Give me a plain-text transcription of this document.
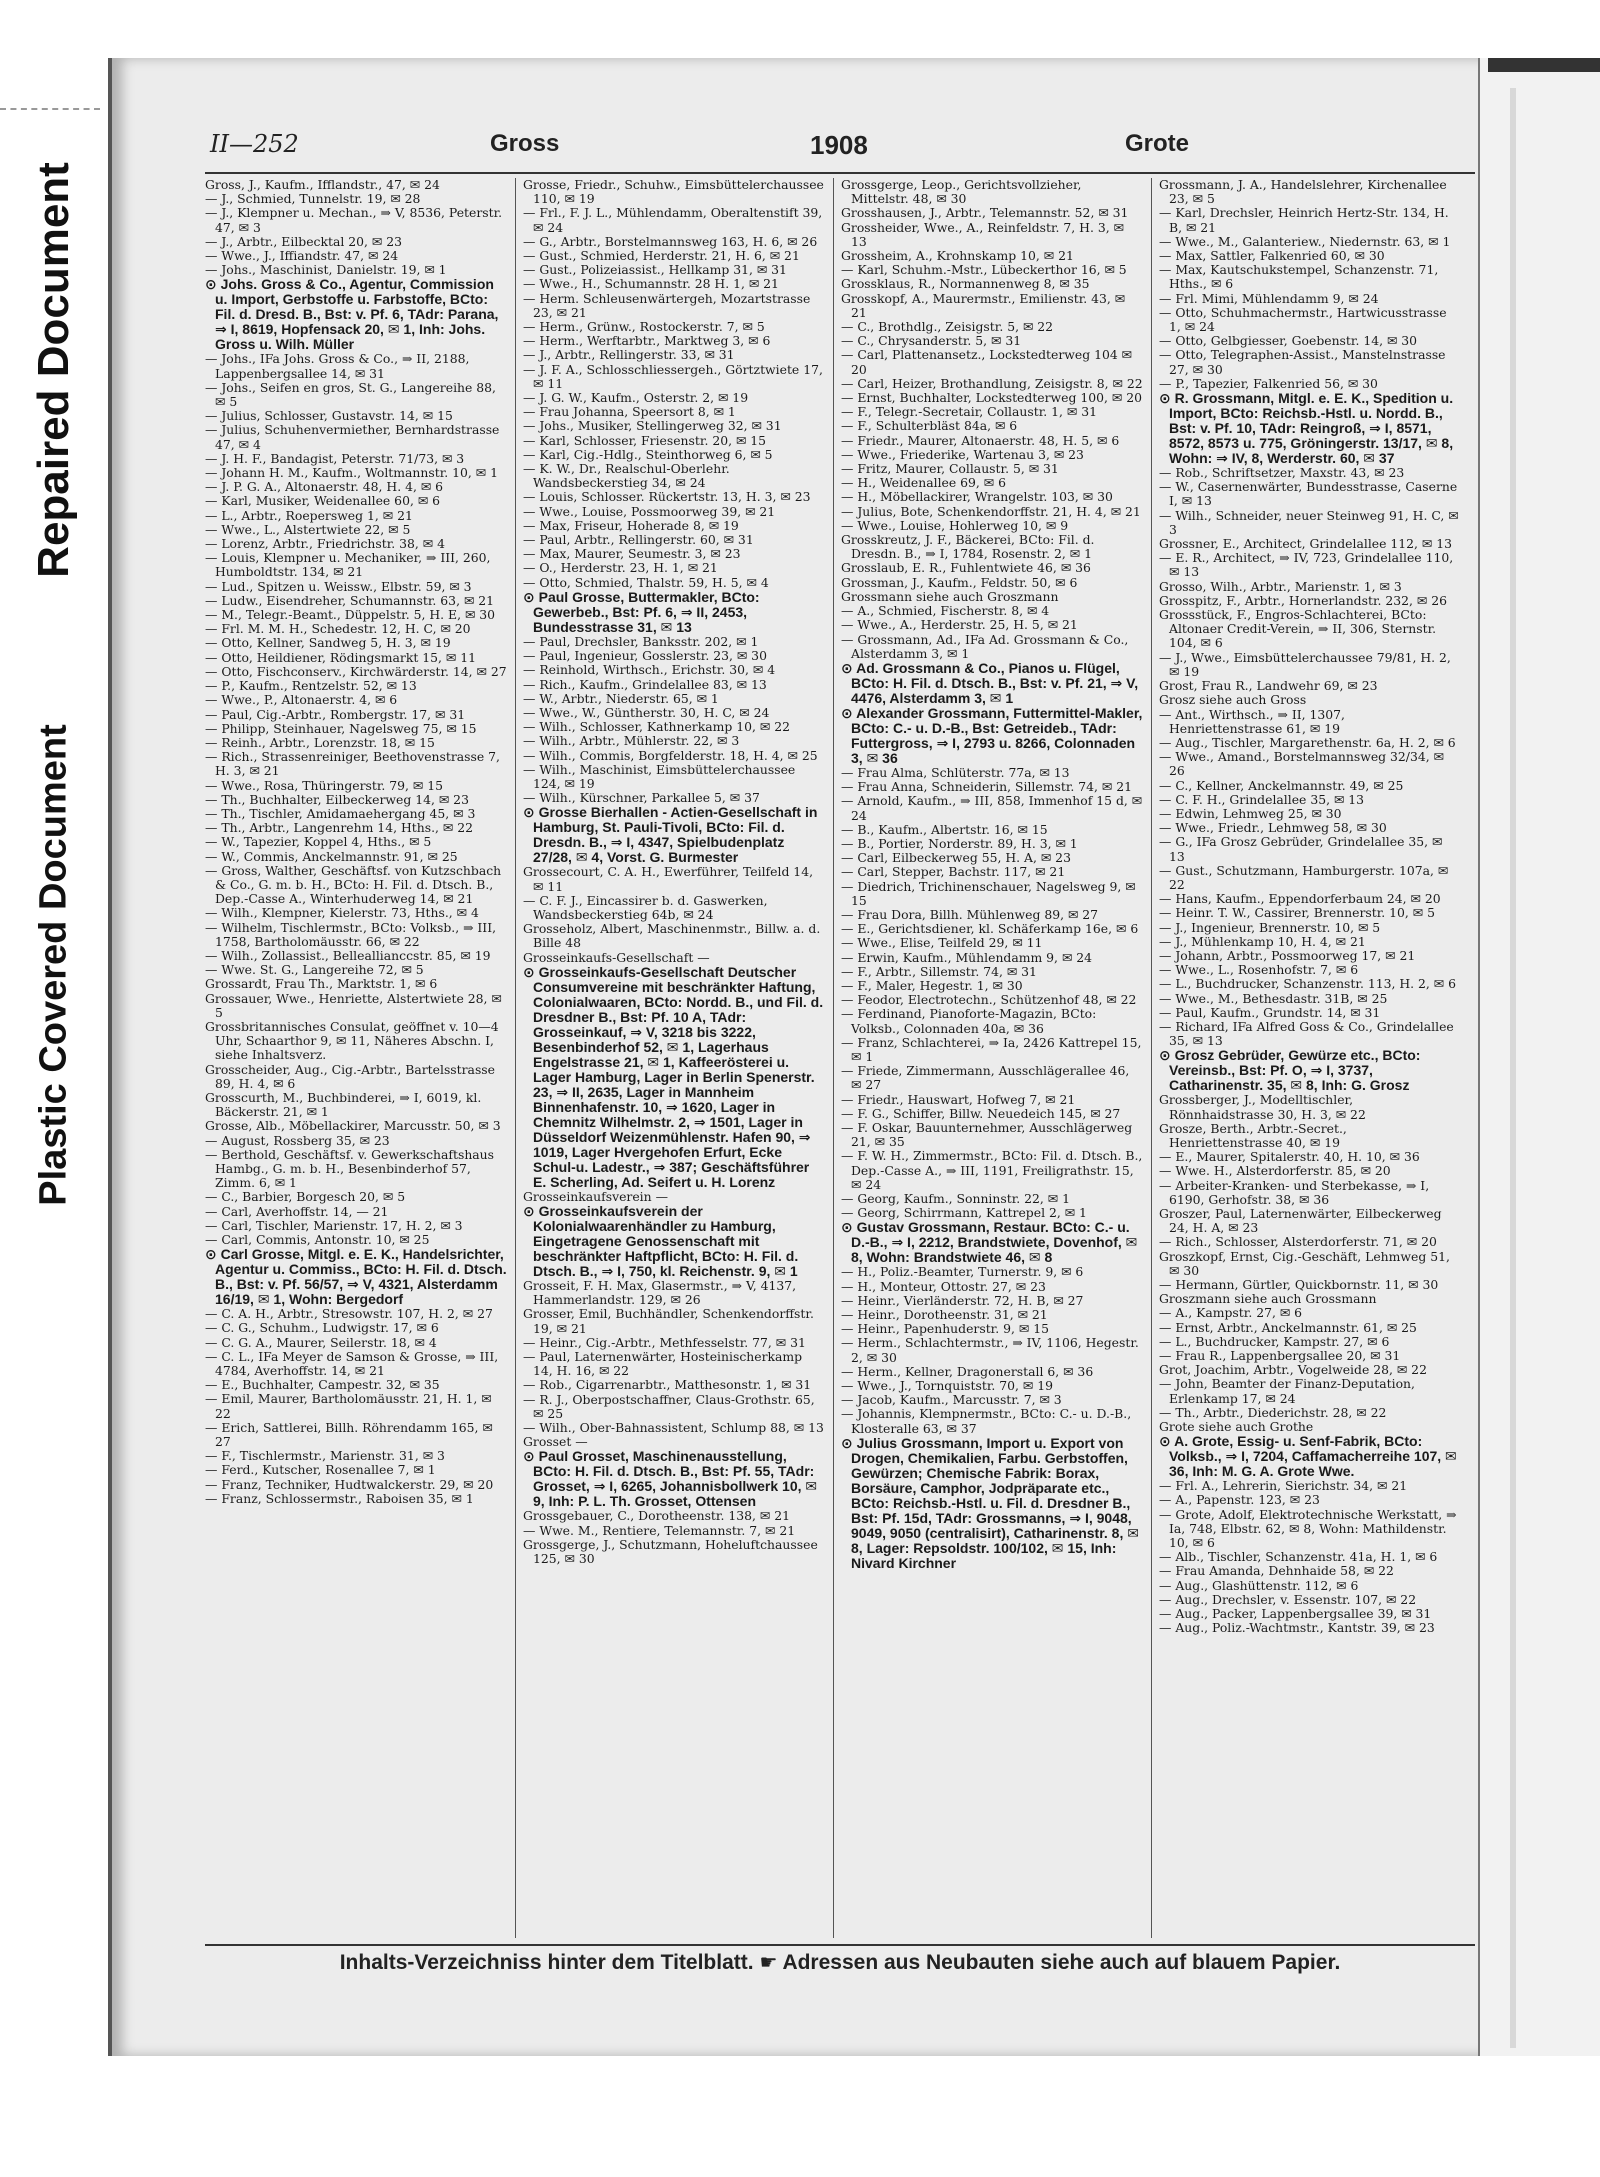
Repaired Document
Plastic Covered Document
II—252	Gross	1908	Grote

Gross, J., Kaufm., Ifflandstr., 47, ✉ 24

— J., Schmied, Tunnelstr. 19, ✉ 28

— J., Klempner u. Mechan., ⇒ V, 8536, Peterstr. 47, ✉ 3

— J., Arbtr., Eilbecktal 20, ✉ 23

— Wwe., J., Iffiandstr. 47, ✉ 24

— Johs., Maschinist, Danielstr. 19, ✉ 1

⊙ Johs. Gross & Co., Agentur, Commission u. Import, Gerbstoffe u. Farbstoffe, BCto: Fil. d. Dresd. B., Bst: v. Pf. 6, TAdr: Parana, ⇒ I, 8619, Hopfensack 20, ✉ 1, Inh: Johs. Gross u. Wilh. Müller

— Johs., IFa Johs. Gross & Co., ⇒ II, 2188, Lappenbergsallee 14, ✉ 31

— Johs., Seifen en gros, St. G., Langereihe 88, ✉ 5

— Julius, Schlosser, Gustavstr. 14, ✉ 15

— Julius, Schuhenvermiether, Bernhardstrasse 47, ✉ 4

— J. H. F., Bandagist, Peterstr. 71/73, ✉ 3

— Johann H. M., Kaufm., Woltmannstr. 10, ✉ 1

— J. P. G. A., Altonaerstr. 48, H. 4, ✉ 6

— Karl, Musiker, Weidenallee 60, ✉ 6

— L., Arbtr., Roepersweg 1, ✉ 21

— Wwe., L., Alstertwiete 22, ✉ 5

— Lorenz, Arbtr., Friedrichstr. 38, ✉ 4

— Louis, Klempner u. Mechaniker, ⇒ III, 260, Humboldtstr. 134, ✉ 21

— Lud., Spitzen u. Weissw., Elbstr. 59, ✉ 3

— Ludw., Eisendreher, Schumannstr. 63, ✉ 21

— M., Telegr.-Beamt., Düppelstr. 5, H. E, ✉ 30

— Frl. M. M. H., Schedestr. 12, H. C, ✉ 20

— Otto, Kellner, Sandweg 5, H. 3, ✉ 19

— Otto, Heildiener, Rödingsmarkt 15, ✉ 11

— Otto, Fischconserv., Kirchwärderstr. 14, ✉ 27

— P., Kaufm., Rentzelstr. 52, ✉ 13

— Wwe., P., Altonaerstr. 4, ✉ 6

— Paul, Cig.-Arbtr., Rombergstr. 17, ✉ 31

— Philipp, Steinhauer, Nagelsweg 75, ✉ 15

— Reinh., Arbtr., Lorenzstr. 18, ✉ 15

— Rich., Strassenreiniger, Beethovenstrasse 7, H. 3, ✉ 21

— Wwe., Rosa, Thüringerstr. 79, ✉ 15

— Th., Buchhalter, Eilbeckerweg 14, ✉ 23

— Th., Tischler, Amidamaehergang 45, ✉ 3

— Th., Arbtr., Langenrehm 14, Hths., ✉ 22

— W., Tapezier, Koppel 4, Hths., ✉ 5

— W., Commis, Anckelmannstr. 91, ✉ 25

— Gross, Walther, Geschäftsf. von Kutzschbach & Co., G. m. b. H., BCto: H. Fil. d. Dtsch. B., Dep.-Casse A., Winterhuderweg 14, ✉ 21

— Wilh., Klempner, Kielerstr. 73, Hths., ✉ 4

— Wilhelm, Tischlermstr., BCto: Volksb., ⇒ III, 1758, Bartholomäusstr. 66, ✉ 22

— Wilh., Zollassist., Belleallianccstr. 85, ✉ 19

— Wwe. St. G., Langereihe 72, ✉ 5

Grossardt, Frau Th., Marktstr. 1, ✉ 6

Grossauer, Wwe., Henriette, Alstertwiete 28, ✉ 5

Grossbritannisches Consulat, geöffnet v. 10—4 Uhr, Schaarthor 9, ✉ 11, Näheres Abschn. I, siehe Inhaltsverz.

Grosscheider, Aug., Cig.-Arbtr., Bartelsstrasse 89, H. 4, ✉ 6

Grosscurth, M., Buchbinderei, ⇒ I, 6019, kl. Bäckerstr. 21, ✉ 1

Grosse, Alb., Möbellackirer, Marcusstr. 50, ✉ 3

— August, Rossberg 35, ✉ 23

— Berthold, Geschäftsf. v. Gewerkschaftshaus Hambg., G. m. b. H., Besenbinderhof 57, Zimm. 6, ✉ 1

— C., Barbier, Borgesch 20, ✉ 5

— Carl, Averhoffstr. 14, — 21

— Carl, Tischler, Marienstr. 17, H. 2, ✉ 3

— Carl, Commis, Antonstr. 10, ✉ 25

⊙ Carl Grosse, Mitgl. e. E. K., Handelsrichter, Agentur u. Commiss., BCto: H. Fil. d. Dtsch. B., Bst: v. Pf. 56/57, ⇒ V, 4321, Alsterdamm 16/19, ✉ 1, Wohn: Bergedorf

— C. A. H., Arbtr., Stresowstr. 107, H. 2, ✉ 27

— C. G., Schuhm., Ludwigstr. 17, ✉ 6

— C. G. A., Maurer, Seilerstr. 18, ✉ 4

— C. L., IFa Meyer de Samson & Grosse, ⇒ III, 4784, Averhoffstr. 14, ✉ 21

— E., Buchhalter, Campestr. 32, ✉ 35

— Emil, Maurer, Bartholomäusstr. 21, H. 1, ✉ 22

— Erich, Sattlerei, Billh. Röhrendamm 165, ✉ 27

— F., Tischlermstr., Marienstr. 31, ✉ 3

— Ferd., Kutscher, Rosenallee 7, ✉ 1

— Franz, Techniker, Hudtwalckerstr. 29, ✉ 20

— Franz, Schlossermstr., Raboisen 35, ✉ 1

Grosse, Friedr., Schuhw., Eimsbüttelerchaussee 110, ✉ 19

— Frl., F. J. L., Mühlendamm, Oberaltenstift 39, ✉ 24

— G., Arbtr., Borstelmannsweg 163, H. 6, ✉ 26

— Gust., Schmied, Herderstr. 21, H. 6, ✉ 21

— Gust., Polizeiassist., Hellkamp 31, ✉ 31

— Wwe., H., Schumannstr. 28 H. 1, ✉ 21

— Herm. Schleusenwärtergeh, Mozartstrasse 23, ✉ 21

— Herm., Grünw., Rostockerstr. 7, ✉ 5

— Herm., Werftarbtr., Marktweg 3, ✉ 6

— J., Arbtr., Rellingerstr. 33, ✉ 31

— J. F. A., Schlosschliessergeh., Görtztwiete 17, ✉ 11

— J. G. W., Kaufm., Osterstr. 2, ✉ 19

— Frau Johanna, Speersort 8, ✉ 1

— Johs., Musiker, Stellingerweg 32, ✉ 31

— Karl, Schlosser, Friesenstr. 20, ✉ 15

— Karl, Cig.-Hdlg., Steinthorweg 6, ✉ 5

— K. W., Dr., Realschul-Oberlehr. Wandsbeckerstieg 34, ✉ 24

— Louis, Schlosser. Rückertstr. 13, H. 3, ✉ 23

— Wwe., Louise, Possmoorweg 39, ✉ 21

— Max, Friseur, Hoherade 8, ✉ 19

— Paul, Arbtr., Rellingerstr. 60, ✉ 31

— Max, Maurer, Seumestr. 3, ✉ 23

— O., Herderstr. 23, H. 1, ✉ 21

— Otto, Schmied, Thalstr. 59, H. 5, ✉ 4

⊙ Paul Grosse, Buttermakler, BCto: Gewerbeb., Bst: Pf. 6, ⇒ II, 2453, Bundesstrasse 31, ✉ 13

— Paul, Drechsler, Banksstr. 202, ✉ 1

— Paul, Ingenieur, Gosslerstr. 23, ✉ 30

— Reinhold, Wirthsch., Erichstr. 30, ✉ 4

— Rich., Kaufm., Grindelallee 83, ✉ 13

— W., Arbtr., Niederstr. 65, ✉ 1

— Wwe., W., Güntherstr. 30, H. C, ✉ 24

— Wilh., Schlosser, Kathnerkamp 10, ✉ 22

— Wilh., Arbtr., Mühlerstr. 22, ✉ 3

— Wilh., Commis, Borgfelderstr. 18, H. 4, ✉ 25

— Wilh., Maschinist, Eimsbüttelerchaussee 124, ✉ 19

— Wilh., Kürschner, Parkallee 5, ✉ 37

⊙ Grosse Bierhallen - Actien-Gesellschaft in Hamburg, St. Pauli-Tivoli, BCto: Fil. d. Dresdn. B., ⇒ I, 4347, Spielbudenplatz 27/28, ✉ 4, Vorst. G. Burmester

Grossecourt, C. A. H., Ewerführer, Teilfeld 14, ✉ 11

— C. F. J., Eincassirer b. d. Gaswerken, Wandsbeckerstieg 64b, ✉ 24

Grosseholz, Albert, Maschinenmstr., Billw. a. d. Bille 48

Grosseinkaufs-Gesellschaft —

⊙ Grosseinkaufs-Gesellschaft Deutscher Consumvereine mit beschränkter Haftung, Colonialwaaren, BCto: Nordd. B., und Fil. d. Dresdner B., Bst: Pf. 10 A, TAdr: Grosseinkauf, ⇒ V, 3218 bis 3222, Besenbinderhof 52, ✉ 1, Lagerhaus Engelstrasse 21, ✉ 1, Kaffeerösterei u. Lager Hamburg, Lager in Berlin Spenerstr. 23, ⇒ II, 2635, Lager in Mannheim Binnenhafenstr. 10, ⇒ 1620, Lager in Chemnitz Wilhelmstr. 2, ⇒ 1501, Lager in Düsseldorf Weizenmühlenstr. Hafen 90, ⇒ 1019, Lager Hvergehofen Erfurt, Ecke Schul-u. Ladestr., ⇒ 387; Geschäftsführer E. Scherling, Ad. Seifert u. H. Lorenz

Grosseinkaufsverein —

⊙ Grosseinkaufsverein der Kolonialwaarenhändler zu Hamburg, Eingetragene Genossenschaft mit beschränkter Haftpflicht, BCto: H. Fil. d. Dtsch. B., ⇒ I, 750, kl. Reichenstr. 9, ✉ 1

Grosseit, F. H. Max, Glasermstr., ⇒ V, 4137, Hammerlandstr. 129, ✉ 26

Grosser, Emil, Buchhändler, Schenkendorffstr. 19, ✉ 21

— Heinr., Cig.-Arbtr., Methfesselstr. 77, ✉ 31

— Paul, Laternenwärter, Hosteinischerkamp 14, H. 16, ✉ 22

— Rob., Cigarrenarbtr., Matthesonstr. 1, ✉ 31

— R. J., Oberpostschaffner, Claus-Grothstr. 65, ✉ 25

— Wilh., Ober-Bahnassistent, Schlump 88, ✉ 13

Grosset —

⊙ Paul Grosset, Maschinenausstellung, BCto: H. Fil. d. Dtsch. B., Bst: Pf. 55, TAdr: Grosset, ⇒ I, 6265, Johannisbollwerk 10, ✉ 9, Inh: P. L. Th. Grosset, Ottensen

Grossgebauer, C., Dorotheenstr. 138, ✉ 21

— Wwe. M., Rentiere, Telemannstr. 7, ✉ 21

Grossgerge, J., Schutzmann, Hoheluftchaussee 125, ✉ 30

Grossgerge, Leop., Gerichtsvollzieher, Mittelstr. 48, ✉ 30

Grosshausen, J., Arbtr., Telemannstr. 52, ✉ 31

Grossheider, Wwe., A., Reinfeldstr. 7, H. 3, ✉ 13

Grossheim, A., Krohnskamp 10, ✉ 21

— Karl, Schuhm.-Mstr., Lübeckerthor 16, ✉ 5

Grossklaus, R., Normannenweg 8, ✉ 35

Grosskopf, A., Maurermstr., Emilienstr. 43, ✉ 21

— C., Brothdlg., Zeisigstr. 5, ✉ 22

— C., Chrysanderstr. 5, ✉ 31

— Carl, Plattenansetz., Lockstedterweg 104 ✉ 20

— Carl, Heizer, Brothandlung, Zeisigstr. 8, ✉ 22

— Ernst, Buchhalter, Lockstedterweg 100, ✉ 20

— F., Telegr.-Secretair, Collaustr. 1, ✉ 31

— F., Schulterbläst 84a, ✉ 6

— Friedr., Maurer, Altonaerstr. 48, H. 5, ✉ 6

— Wwe., Friederike, Wartenau 3, ✉ 23

— Fritz, Maurer, Collaustr. 5, ✉ 31

— H., Weidenallee 69, ✉ 6

— H., Möbellackirer, Wrangelstr. 103, ✉ 30

— Julius, Bote, Schenkendorffstr. 21, H. 4, ✉ 21

— Wwe., Louise, Hohlerweg 10, ✉ 9

Grosskreutz, J. F., Bäckerei, BCto: Fil. d. Dresdn. B., ⇒ I, 1784, Rosenstr. 2, ✉ 1

Grosslaub, E. R., Fuhlentwiete 46, ✉ 36

Grossman, J., Kaufm., Feldstr. 50, ✉ 6

Grossmann siehe auch Groszmann

— A., Schmied, Fischerstr. 8, ✉ 4

— Wwe., A., Herderstr. 25, H. 5, ✉ 21

— Grossmann, Ad., IFa Ad. Grossmann & Co., Alsterdamm 3, ✉ 1

⊙ Ad. Grossmann & Co., Pianos u. Flügel, BCto: H. Fil. d. Dtsch. B., Bst: v. Pf. 21, ⇒ V, 4476, Alsterdamm 3, ✉ 1

⊙ Alexander Grossmann, Futtermittel-Makler, BCto: C.- u. D.-B., Bst: Getreideb., TAdr: Futtergross, ⇒ I, 2793 u. 8266, Colonnaden 3, ✉ 36

— Frau Alma, Schlüterstr. 77a, ✉ 13

— Frau Anna, Schneiderin, Sillemstr. 74, ✉ 21

— Arnold, Kaufm., ⇒ III, 858, Immenhof 15 d, ✉ 24

— B., Kaufm., Albertstr. 16, ✉ 15

— B., Portier, Norderstr. 89, H. 3, ✉ 1

— Carl, Eilbeckerweg 55, H. A, ✉ 23

— Carl, Stepper, Bachstr. 117, ✉ 21

— Diedrich, Trichinenschauer, Nagelsweg 9, ✉ 15

— Frau Dora, Billh. Mühlenweg 89, ✉ 27

— E., Gerichtsdiener, kl. Schäferkamp 16e, ✉ 6

— Wwe., Elise, Teilfeld 29, ✉ 11

— Erwin, Kaufm., Mühlendamm 9, ✉ 24

— F., Arbtr., Sillemstr. 74, ✉ 31

— F., Maler, Hegestr. 1, ✉ 30

— Feodor, Electrotechn., Schützenhof 48, ✉ 22

— Ferdinand, Pianoforte-Magazin, BCto: Volksb., Colonnaden 40a, ✉ 36

— Franz, Schlachterei, ⇒ Ia, 2426 Kattrepel 15, ✉ 1

— Friede, Zimmermann, Ausschlägerallee 46, ✉ 27

— Friedr., Hauswart, Hofweg 7, ✉ 21

— F. G., Schiffer, Billw. Neuedeich 145, ✉ 27

— F. Oskar, Bauunternehmer, Ausschlägerweg 21, ✉ 35

— F. W. H., Zimmermstr., BCto: Fil. d. Dtsch. B., Dep.-Casse A., ⇒ III, 1191, Freiligrathstr. 15, ✉ 24

— Georg, Kaufm., Sonninstr. 22, ✉ 1

— Georg, Schirrmann, Kattrepel 2, ✉ 1

⊙ Gustav Grossmann, Restaur. BCto: C.- u. D.-B., ⇒ I, 2212, Brandstwiete, Dovenhof, ✉ 8, Wohn: Brandstwiete 46, ✉ 8

— H., Poliz.-Beamter, Turnerstr. 9, ✉ 6

— H., Monteur, Ottostr. 27, ✉ 23

— Heinr., Vierländerstr. 72, H. B, ✉ 27

— Heinr., Dorotheenstr. 31, ✉ 21

— Heinr., Papenhuderstr. 9, ✉ 15

— Herm., Schlachtermstr., ⇒ IV, 1106, Hegestr. 2, ✉ 30

— Herm., Kellner, Dragonerstall 6, ✉ 36

— Wwe., J., Tornquiststr. 70, ✉ 19

— Jacob, Kaufm., Marcusstr. 7, ✉ 3

— Johannis, Klempnermstr., BCto: C.- u. D.-B., Klosteralle 63, ✉ 37

⊙ Julius Grossmann, Import u. Export von Drogen, Chemikalien, Farbu. Gerbstoffen, Gewürzen; Chemische Fabrik: Borax, Borsäure, Camphor, Jodpräparate etc., BCto: Reichsb.-Hstl. u. Fil. d. Dresdner B., Bst: Pf. 15d, TAdr: Grossmanns, ⇒ I, 9048, 9049, 9050 (centralisirt), Catharinenstr. 8, ✉ 8, Lager: Repsoldstr. 100/102, ✉ 15, Inh: Nivard Kirchner

Grossmann, J. A., Handelslehrer, Kirchenallee 23, ✉ 5

— Karl, Drechsler, Heinrich Hertz-Str. 134, H. B, ✉ 21

— Wwe., M., Galanteriew., Niedernstr. 63, ✉ 1

— Max, Sattler, Falkenried 60, ✉ 30

— Max, Kautschukstempel, Schanzenstr. 71, Hths., ✉ 6

— Frl. Mimi, Mühlendamm 9, ✉ 24

— Otto, Schuhmachermstr., Hartwicusstrasse 1, ✉ 24

— Otto, Gelbgiesser, Goebenstr. 14, ✉ 30

— Otto, Telegraphen-Assist., Manstelnstrasse 27, ✉ 30

— P., Tapezier, Falkenried 56, ✉ 30

⊙ R. Grossmann, Mitgl. e. E. K., Spedition u. Import, BCto: Reichsb.-Hstl. u. Nordd. B., Bst: v. Pf. 10, TAdr: Reingroß, ⇒ I, 8571, 8572, 8573 u. 775, Gröningerstr. 13/17, ✉ 8, Wohn: ⇒ IV, 8, Werderstr. 60, ✉ 37

— Rob., Schriftsetzer, Maxstr. 43, ✉ 23

— W., Casernenwärter, Bundesstrasse, Caserne I, ✉ 13

— Wilh., Schneider, neuer Steinweg 91, H. C, ✉ 3

Grossner, E., Architect, Grindelallee 112, ✉ 13

— E. R., Architect, ⇒ IV, 723, Grindelallee 110, ✉ 13

Grosso, Wilh., Arbtr., Marienstr. 1, ✉ 3

Grosspitz, F., Arbtr., Hornerlandstr. 232, ✉ 26

Grossstück, F., Engros-Schlachterei, BCto: Altonaer Credit-Verein, ⇒ II, 306, Sternstr. 104, ✉ 6

— J., Wwe., Eimsbüttelerchaussee 79/81, H. 2, ✉ 19

Grost, Frau R., Landwehr 69, ✉ 23

Grosz siehe auch Gross

— Ant., Wirthsch., ⇒ II, 1307, Henriettenstrasse 61, ✉ 19

— Aug., Tischler, Margarethenstr. 6a, H. 2, ✉ 6

— Wwe., Amand., Borstelmannsweg 32/34, ✉ 26

— C., Kellner, Anckelmannstr. 49, ✉ 25

— C. F. H., Grindelallee 35, ✉ 13

— Edwin, Lehmweg 25, ✉ 30

— Wwe., Friedr., Lehmweg 58, ✉ 30

— G., IFa Grosz Gebrüder, Grindelallee 35, ✉ 13

— Gust., Schutzmann, Hamburgerstr. 107a, ✉ 22

— Hans, Kaufm., Eppendorferbaum 24, ✉ 20

— Heinr. T. W., Cassirer, Brennerstr. 10, ✉ 5

— J., Ingenieur, Brennerstr. 10, ✉ 5

— J., Mühlenkamp 10, H. 4, ✉ 21

— Johann, Arbtr., Possmoorweg 17, ✉ 21

— Wwe., L., Rosenhofstr. 7, ✉ 6

— L., Buchdrucker, Schanzenstr. 113, H. 2, ✉ 6

— Wwe., M., Bethesdastr. 31B, ✉ 25

— Paul, Kaufm., Grundstr. 14, ✉ 31

— Richard, IFa Alfred Goss & Co., Grindelallee 35, ✉ 13

⊙ Grosz Gebrüder, Gewürze etc., BCto: Vereinsb., Bst: Pf. O, ⇒ I, 3737, Catharinenstr. 35, ✉ 8, Inh: G. Grosz

Grossberger, J., Modelltischler, Rönnhaidstrasse 30, H. 3, ✉ 22

Grosze, Berth., Arbtr.-Secret., Henriettenstrasse 40, ✉ 19

— E., Maurer, Spitalerstr. 40, H. 10, ✉ 36

— Wwe. H., Alsterdorferstr. 85, ✉ 20

— Arbeiter-Kranken- und Sterbekasse, ⇒ I, 6190, Gerhofstr. 38, ✉ 36

Groszer, Paul, Laternenwärter, Eilbeckerweg 24, H. A, ✉ 23

— Rich., Schlosser, Alsterdorferstr. 71, ✉ 20

Groszkopf, Ernst, Cig.-Geschäft, Lehmweg 51, ✉ 30

— Hermann, Gürtler, Quickbornstr. 11, ✉ 30

Groszmann siehe auch Grossmann

— A., Kampstr. 27, ✉ 6

— Ernst, Arbtr., Anckelmannstr. 61, ✉ 25

— L., Buchdrucker, Kampstr. 27, ✉ 6

— Frau R., Lappenbergsallee 20, ✉ 31

Grot, Joachim, Arbtr., Vogelweide 28, ✉ 22

— John, Beamter der Finanz-Deputation, Erlenkamp 17, ✉ 24

— Th., Arbtr., Diederichstr. 28, ✉ 22

Grote siehe auch Grothe

⊙ A. Grote, Essig- u. Senf-Fabrik, BCto: Volksb., ⇒ I, 7204, Caffamacherreihe 107, ✉ 36, Inh: M. G. A. Grote Wwe.

— Frl. A., Lehrerin, Sierichstr. 34, ✉ 21

— A., Papenstr. 123, ✉ 23

— Grote, Adolf, Elektrotechnische Werkstatt, ⇒ Ia, 748, Elbstr. 62, ✉ 8, Wohn: Mathildenstr. 10, ✉ 6

— Alb., Tischler, Schanzenstr. 41a, H. 1, ✉ 6

— Frau Amanda, Dehnhaide 58, ✉ 22

— Aug., Glashüttenstr. 112, ✉ 6

— Aug., Drechsler, v. Essenstr. 107, ✉ 22

— Aug., Packer, Lappenbergsallee 39, ✉ 31

— Aug., Poliz.-Wachtmstr., Kantstr. 39, ✉ 23

Inhalts-Verzeichniss hinter dem Titelblatt. ☛ Adressen aus Neubauten siehe auch auf blauem Papier.
